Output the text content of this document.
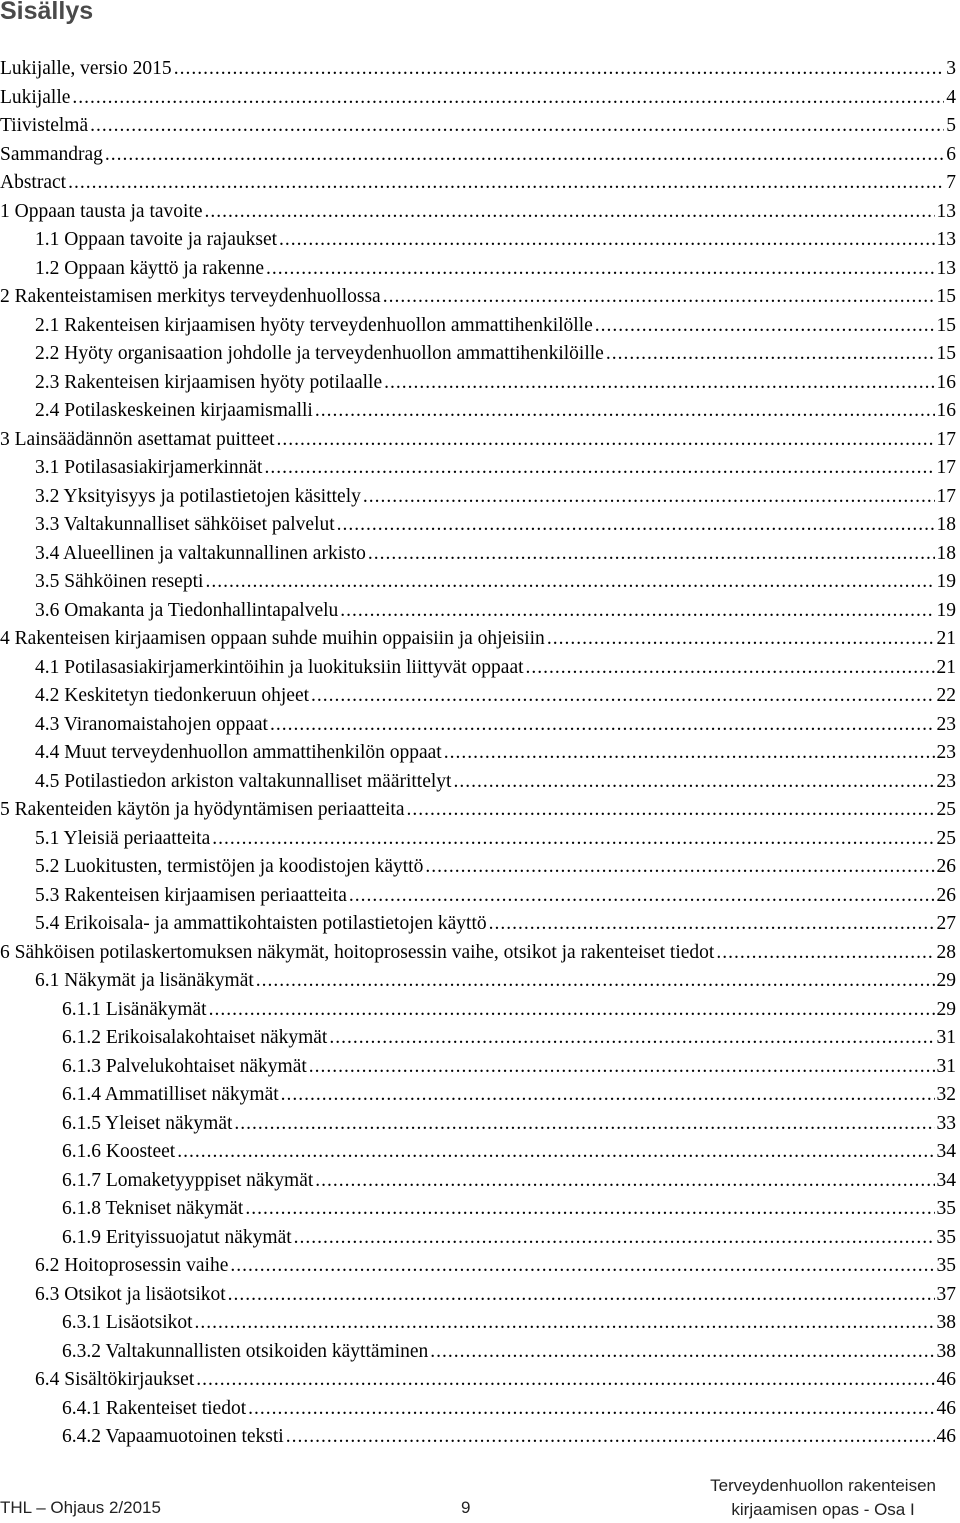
Sisällys
Lukijalle, versio 2015 .....	3
Lukijalle .....	4
Tiivistelmä .....	5
Sammandrag .....	6
Abstract .....	7
1 Oppaan tausta ja tavoite .....	13
1.1 Oppaan tavoite ja rajaukset .....	13
1.2 Oppaan käyttö ja rakenne .....	13
2 Rakenteistamisen merkitys terveydenhuollossa .....	15
2.1 Rakenteisen kirjaamisen hyöty terveydenhuollon ammattihenkilölle .....	15
2.2 Hyöty organisaation johdolle ja terveydenhuollon ammattihenkilöille .....	15
2.3 Rakenteisen kirjaamisen hyöty potilaalle .....	16
2.4 Potilaskeskeinen kirjaamismalli .....	16
3 Lainsäädännön asettamat puitteet .....	17
3.1 Potilasasiakirjamerkinnät .....	17
3.2 Yksityisyys ja potilastietojen käsittely .....	17
3.3 Valtakunnalliset sähköiset palvelut .....	18
3.4 Alueellinen ja valtakunnallinen arkisto .....	18
3.5 Sähköinen resepti .....	19
3.6 Omakanta ja Tiedonhallintapalvelu .....	19
4 Rakenteisen kirjaamisen oppaan suhde muihin oppaisiin ja ohjeisiin .....	21
4.1 Potilasasiakirjamerkintöihin ja luokituksiin liittyvät oppaat .....	21
4.2 Keskitetyn tiedonkeruun ohjeet .....	22
4.3 Viranomaistahojen oppaat .....	23
4.4 Muut terveydenhuollon ammattihenkilön oppaat .....	23
4.5 Potilastiedon arkiston valtakunnalliset määrittelyt .....	23
5 Rakenteiden käytön ja hyödyntämisen periaatteita .....	25
5.1 Yleisiä periaatteita .....	25
5.2 Luokitusten, termistöjen ja koodistojen käyttö .....	26
5.3 Rakenteisen kirjaamisen periaatteita .....	26
5.4 Erikoisala- ja ammattikohtaisten potilastietojen käyttö .....	27
6 Sähköisen potilaskertomuksen näkymät, hoitoprosessin vaihe, otsikot ja rakenteiset tiedot .....	28
6.1 Näkymät ja lisänäkymät .....	29
6.1.1 Lisänäkymät .....	29
6.1.2 Erikoisalakohtaiset näkymät .....	31
6.1.3 Palvelukohtaiset näkymät .....	31
6.1.4 Ammatilliset näkymät .....	32
6.1.5 Yleiset näkymät .....	33
6.1.6 Koosteet .....	34
6.1.7 Lomaketyyppiset näkymät .....	34
6.1.8 Tekniset näkymät .....	35
6.1.9 Erityissuojatut näkymät .....	35
6.2 Hoitoprosessin vaihe .....	35
6.3 Otsikot ja lisäotsikot .....	37
6.3.1 Lisäotsikot .....	38
6.3.2 Valtakunnallisten otsikoiden käyttäminen .....	38
6.4 Sisältökirjaukset .....	46
6.4.1 Rakenteiset tiedot .....	46
6.4.2 Vapaamuotoinen teksti .....	46
THL – Ohjaus 2/2015	9
Terveydenhuollon rakenteisen
kirjaamisen opas - Osa I
